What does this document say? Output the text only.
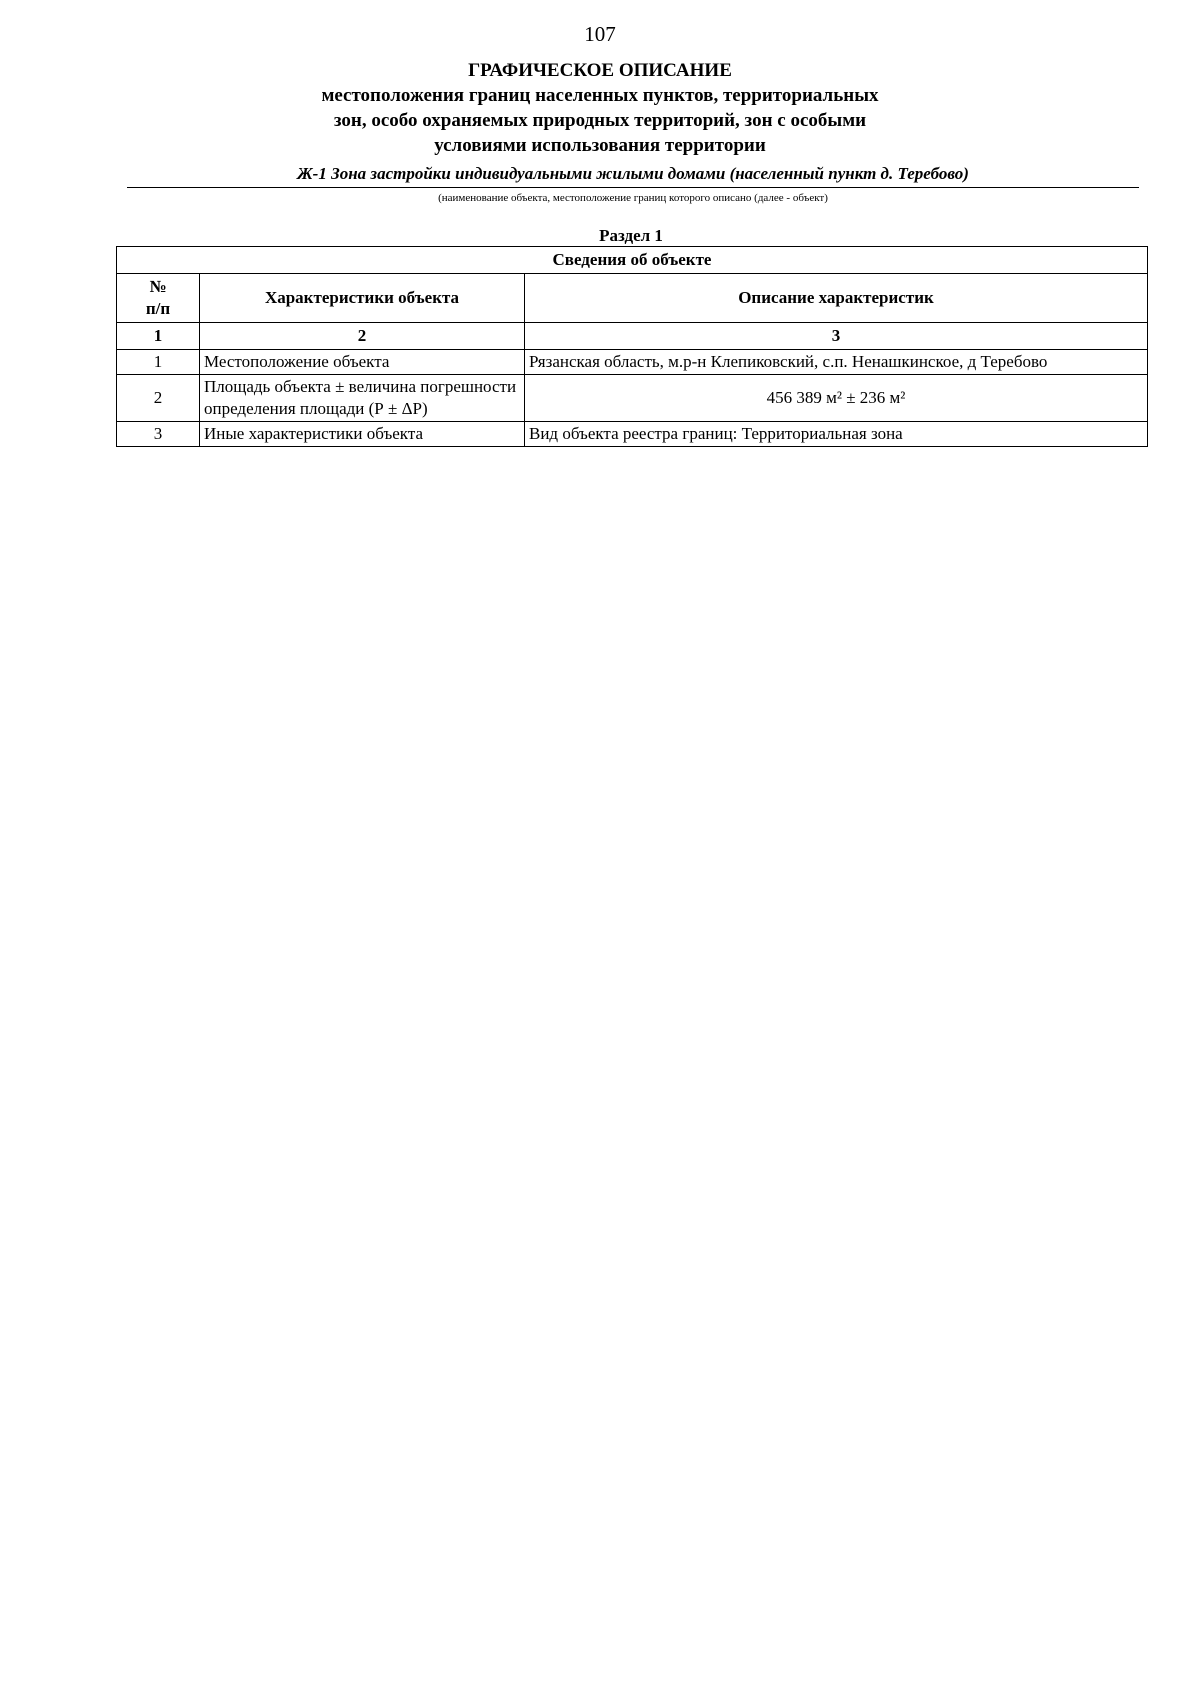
107
ГРАФИЧЕСКОЕ ОПИСАНИЕ
местоположения границ населенных пунктов, территориальных
зон, особо охраняемых природных территорий, зон с особыми
условиями использования территории
Ж-1 Зона застройки индивидуальными жилыми домами (населенный пункт д. Теребово)
(наименование объекта, местоположение границ которого описано (далее - объект)
Раздел 1
Сведения об объекте		
№
п/п	Характеристики объекта	Описание характеристик
1	2	3
1	Местоположение объекта	Рязанская область, м.р-н Клепиковский, с.п. Ненашкинское, д Теребово
2	Площадь объекта ± величина погрешности определения площади (Р ± ΔР)	456 389 м² ± 236 м²
3	Иные характеристики объекта	Вид объекта реестра границ: Территориальная зона
